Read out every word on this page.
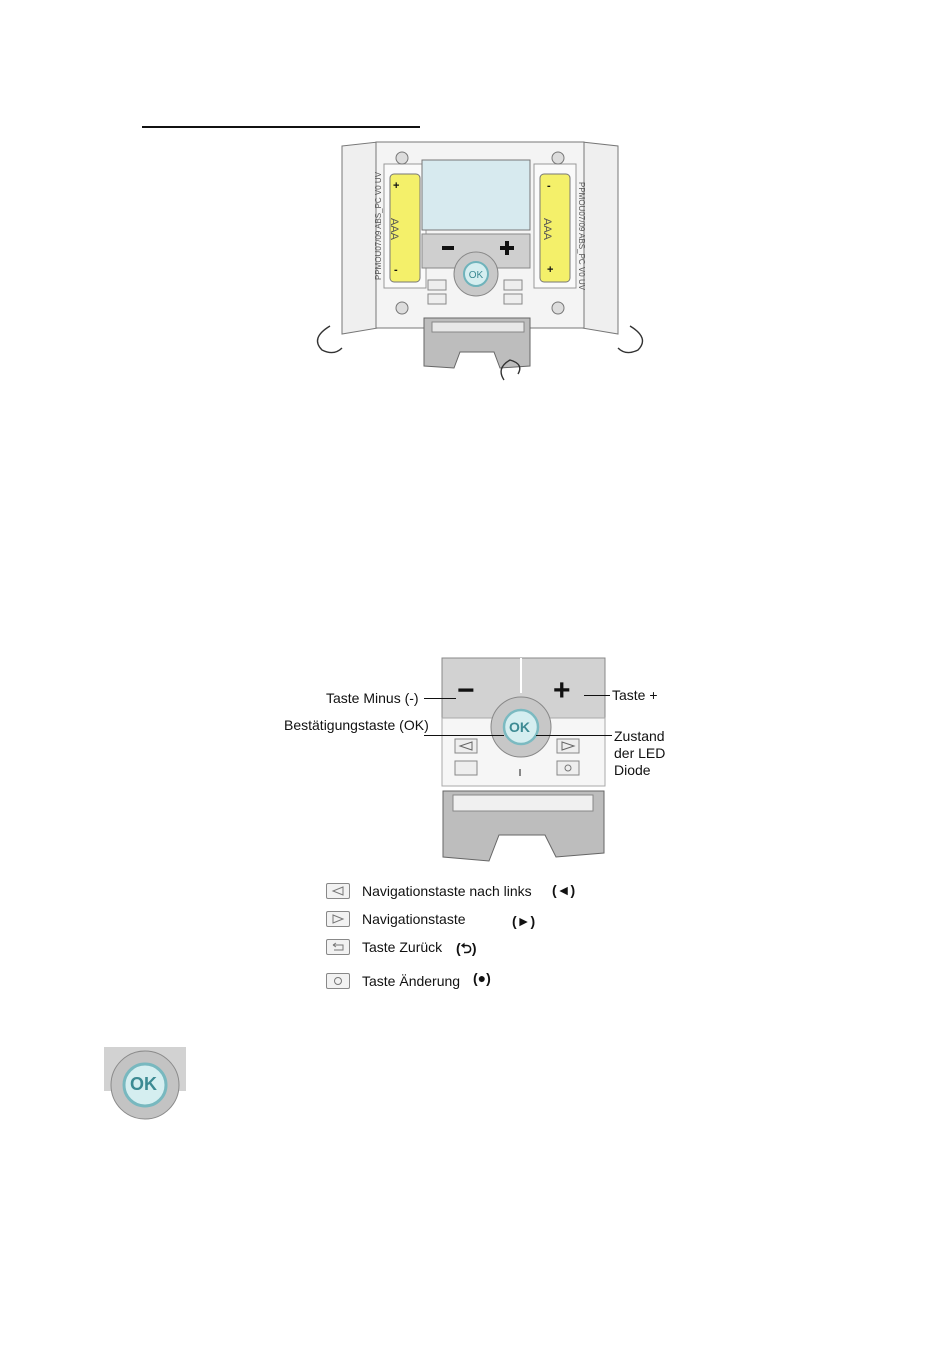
OK
AAA	AAA
+
-
-
+
PPMOU07/09 ABS_PC V0 UV	PPMOU07/09 ABS_PC V0 UV
−	+
OK
Taste Minus (-)	Taste +
Bestätigungstaste (OK)
Zustand
der LED
Diode
Navigationstaste nach links (◄)
Navigationstaste	(►)
Taste Zurück (⮌)
Taste Änderung (●)
OK
